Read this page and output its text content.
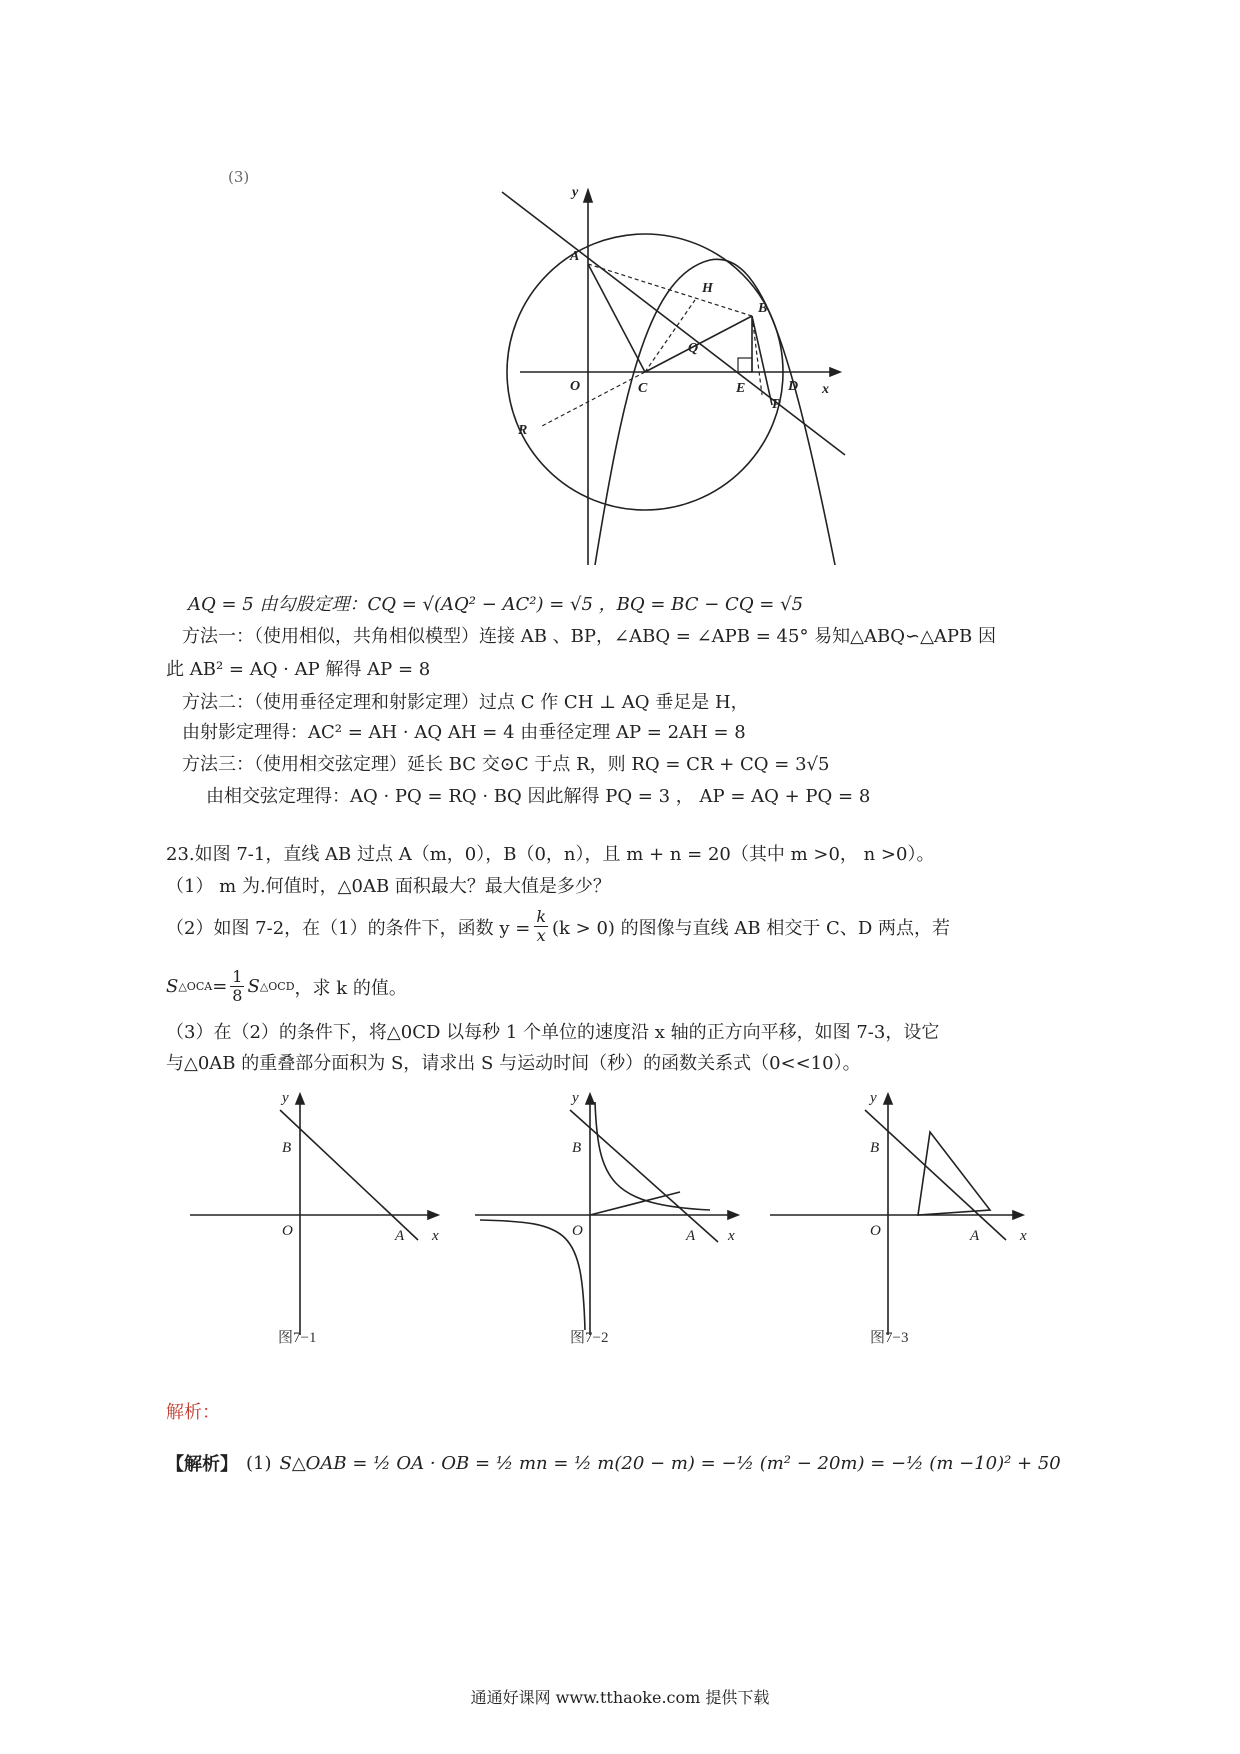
(3)
y
A
B
H
Q
O	C	E	D x
P
R
AQ = 5 由勾股定理：CQ = √(AQ² − AC²) = √5 ，BQ = BC − CQ = √5
方法一：（使用相似，共角相似模型）连接 AB 、BP，∠ABQ = ∠APB = 45° 易知△ABQ∽△APB 因
此 AB² = AQ · AP 解得 AP = 8
方法二：（使用垂径定理和射影定理）过点 C 作 CH ⊥ AQ 垂足是 H，
由射影定理得：AC² = AH · AQ AH = 4 由垂径定理 AP = 2AH = 8
方法三：（使用相交弦定理）延长 BC 交⊙C 于点 R，则 RQ = CR + CQ = 3√5
由相交弦定理得：AQ · PQ = RQ · BQ 因此解得 PQ = 3 ， AP = AQ + PQ = 8
23.如图 7-1，直线 AB 过点 A（m，0），B（0，n），且 m + n = 20（其中 m >0， n >0）。
（1） m 为.何值时，△0AB 面积最大？最大值是多少？
（2）如图 7-2，在（1）的条件下，函数 $y = \frac{k}{x} (k > 0)$ 的图像与直线 AB 相交于 C、D 两点，若
S △OCA = $\frac{1}{8}$ S △OCD ，求 k 的值。
（3）在（2）的条件下，将△0CD 以每秒 1 个单位的速度沿 x 轴的正方向平移，如图 7-3，设它
与△0AB 的重叠部分面积为 S，请求出 S 与运动时间（秒）的函数关系式（0<<10）。
y
B
O	A x
y
B
O	A x
y
B
O	A	x
图7−1	图7−2	图7−3
解析：
【解析】 (1) S△OAB = ½ OA · OB = ½ mn = ½ m(20 − m) = −½ (m² − 20m) = −½ (m −10)² + 50
通通好课网 www.tthaoke.com 提供下载
